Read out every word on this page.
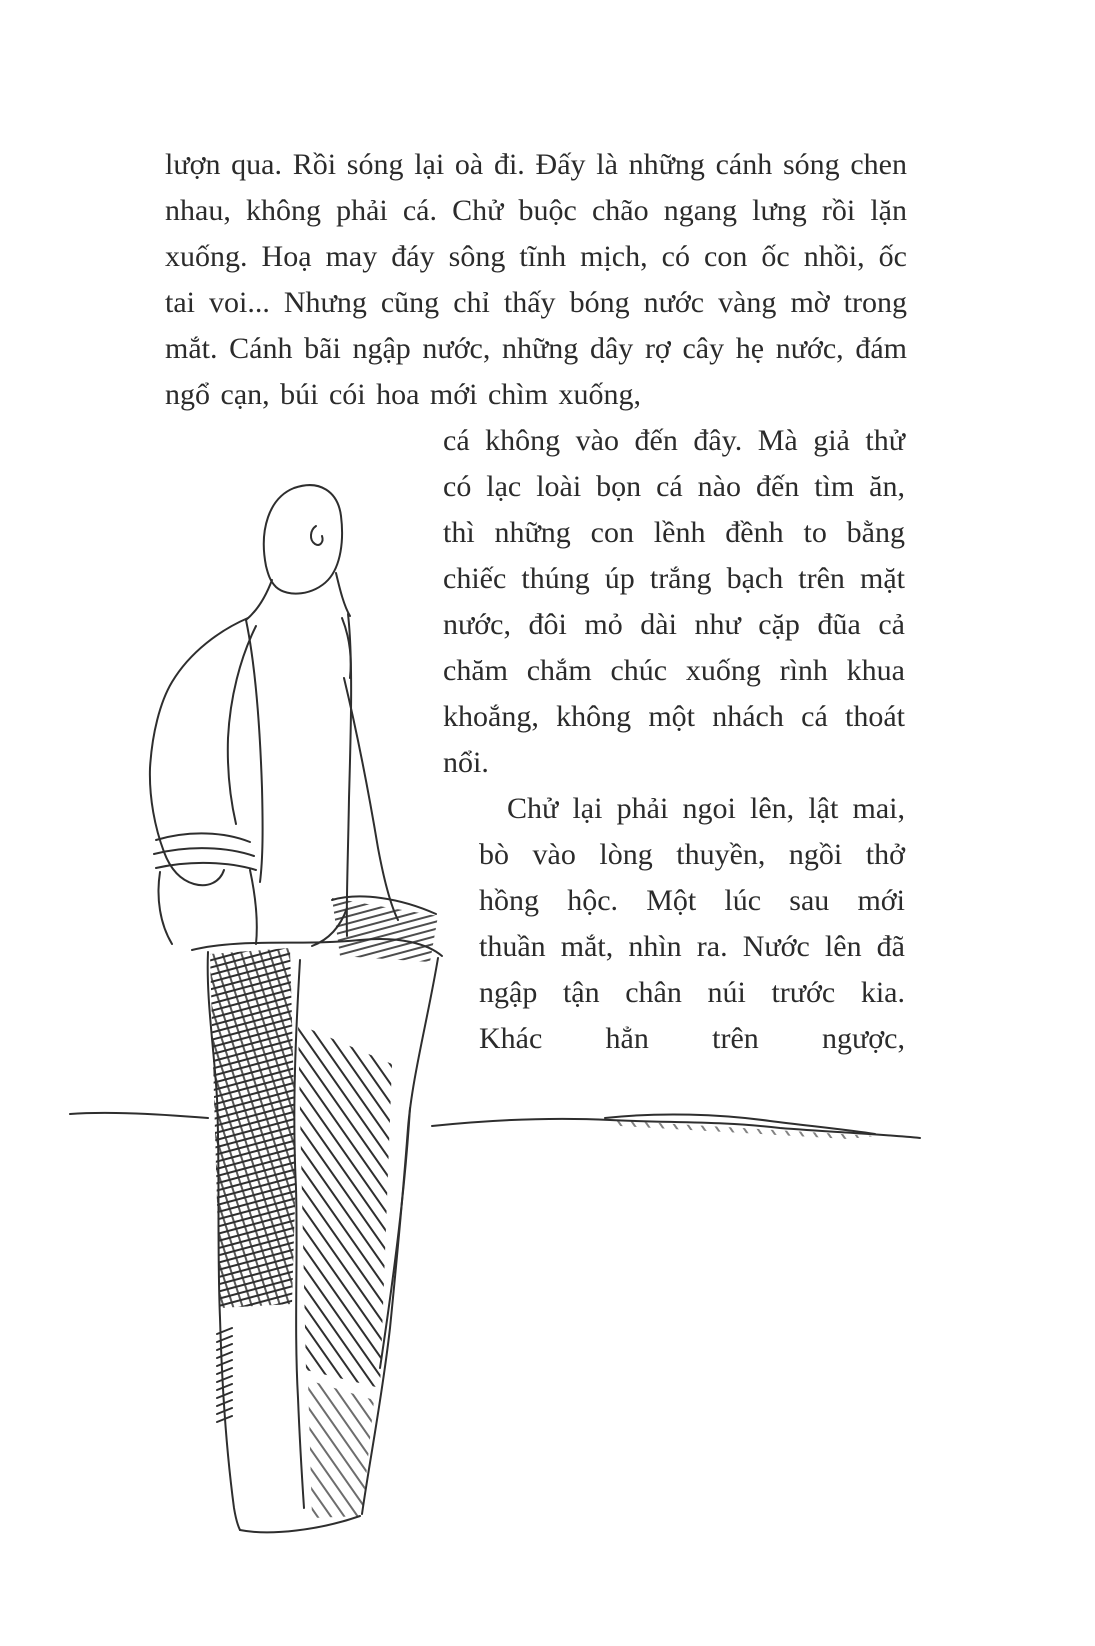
lượn qua. Rồi sóng lại oà đi. Đấy là những cánh sóng chen nhau, không phải cá. Chử buộc chão ngang lưng rồi lặn xuống. Hoạ may đáy sông tĩnh mịch, có con ốc nhồi, ốc tai voi... Nhưng cũng chỉ thấy bóng nước vàng mờ trong mắt. Cánh bãi ngập nước, những dây rợ cây hẹ nước, đám ngổ cạn, búi cói hoa mới chìm xuống,

cá không vào đến đây. Mà giả thử có lạc loài bọn cá nào đến tìm ăn, thì những con lềnh đềnh to bằng chiếc thúng úp trắng bạch trên mặt nước, đôi mỏ dài như cặp đũa cả chăm chắm chúc xuống rình khua khoắng, không một nhách cá thoát nổi.

Chử lại phải ngoi lên, lật mai, bò vào lòng thuyền, ngồi thở hồng hộc. Một lúc sau mới thuần mắt, nhìn ra. Nước lên đã ngập tận chân núi trước kia. Khác hẳn trên ngược,
